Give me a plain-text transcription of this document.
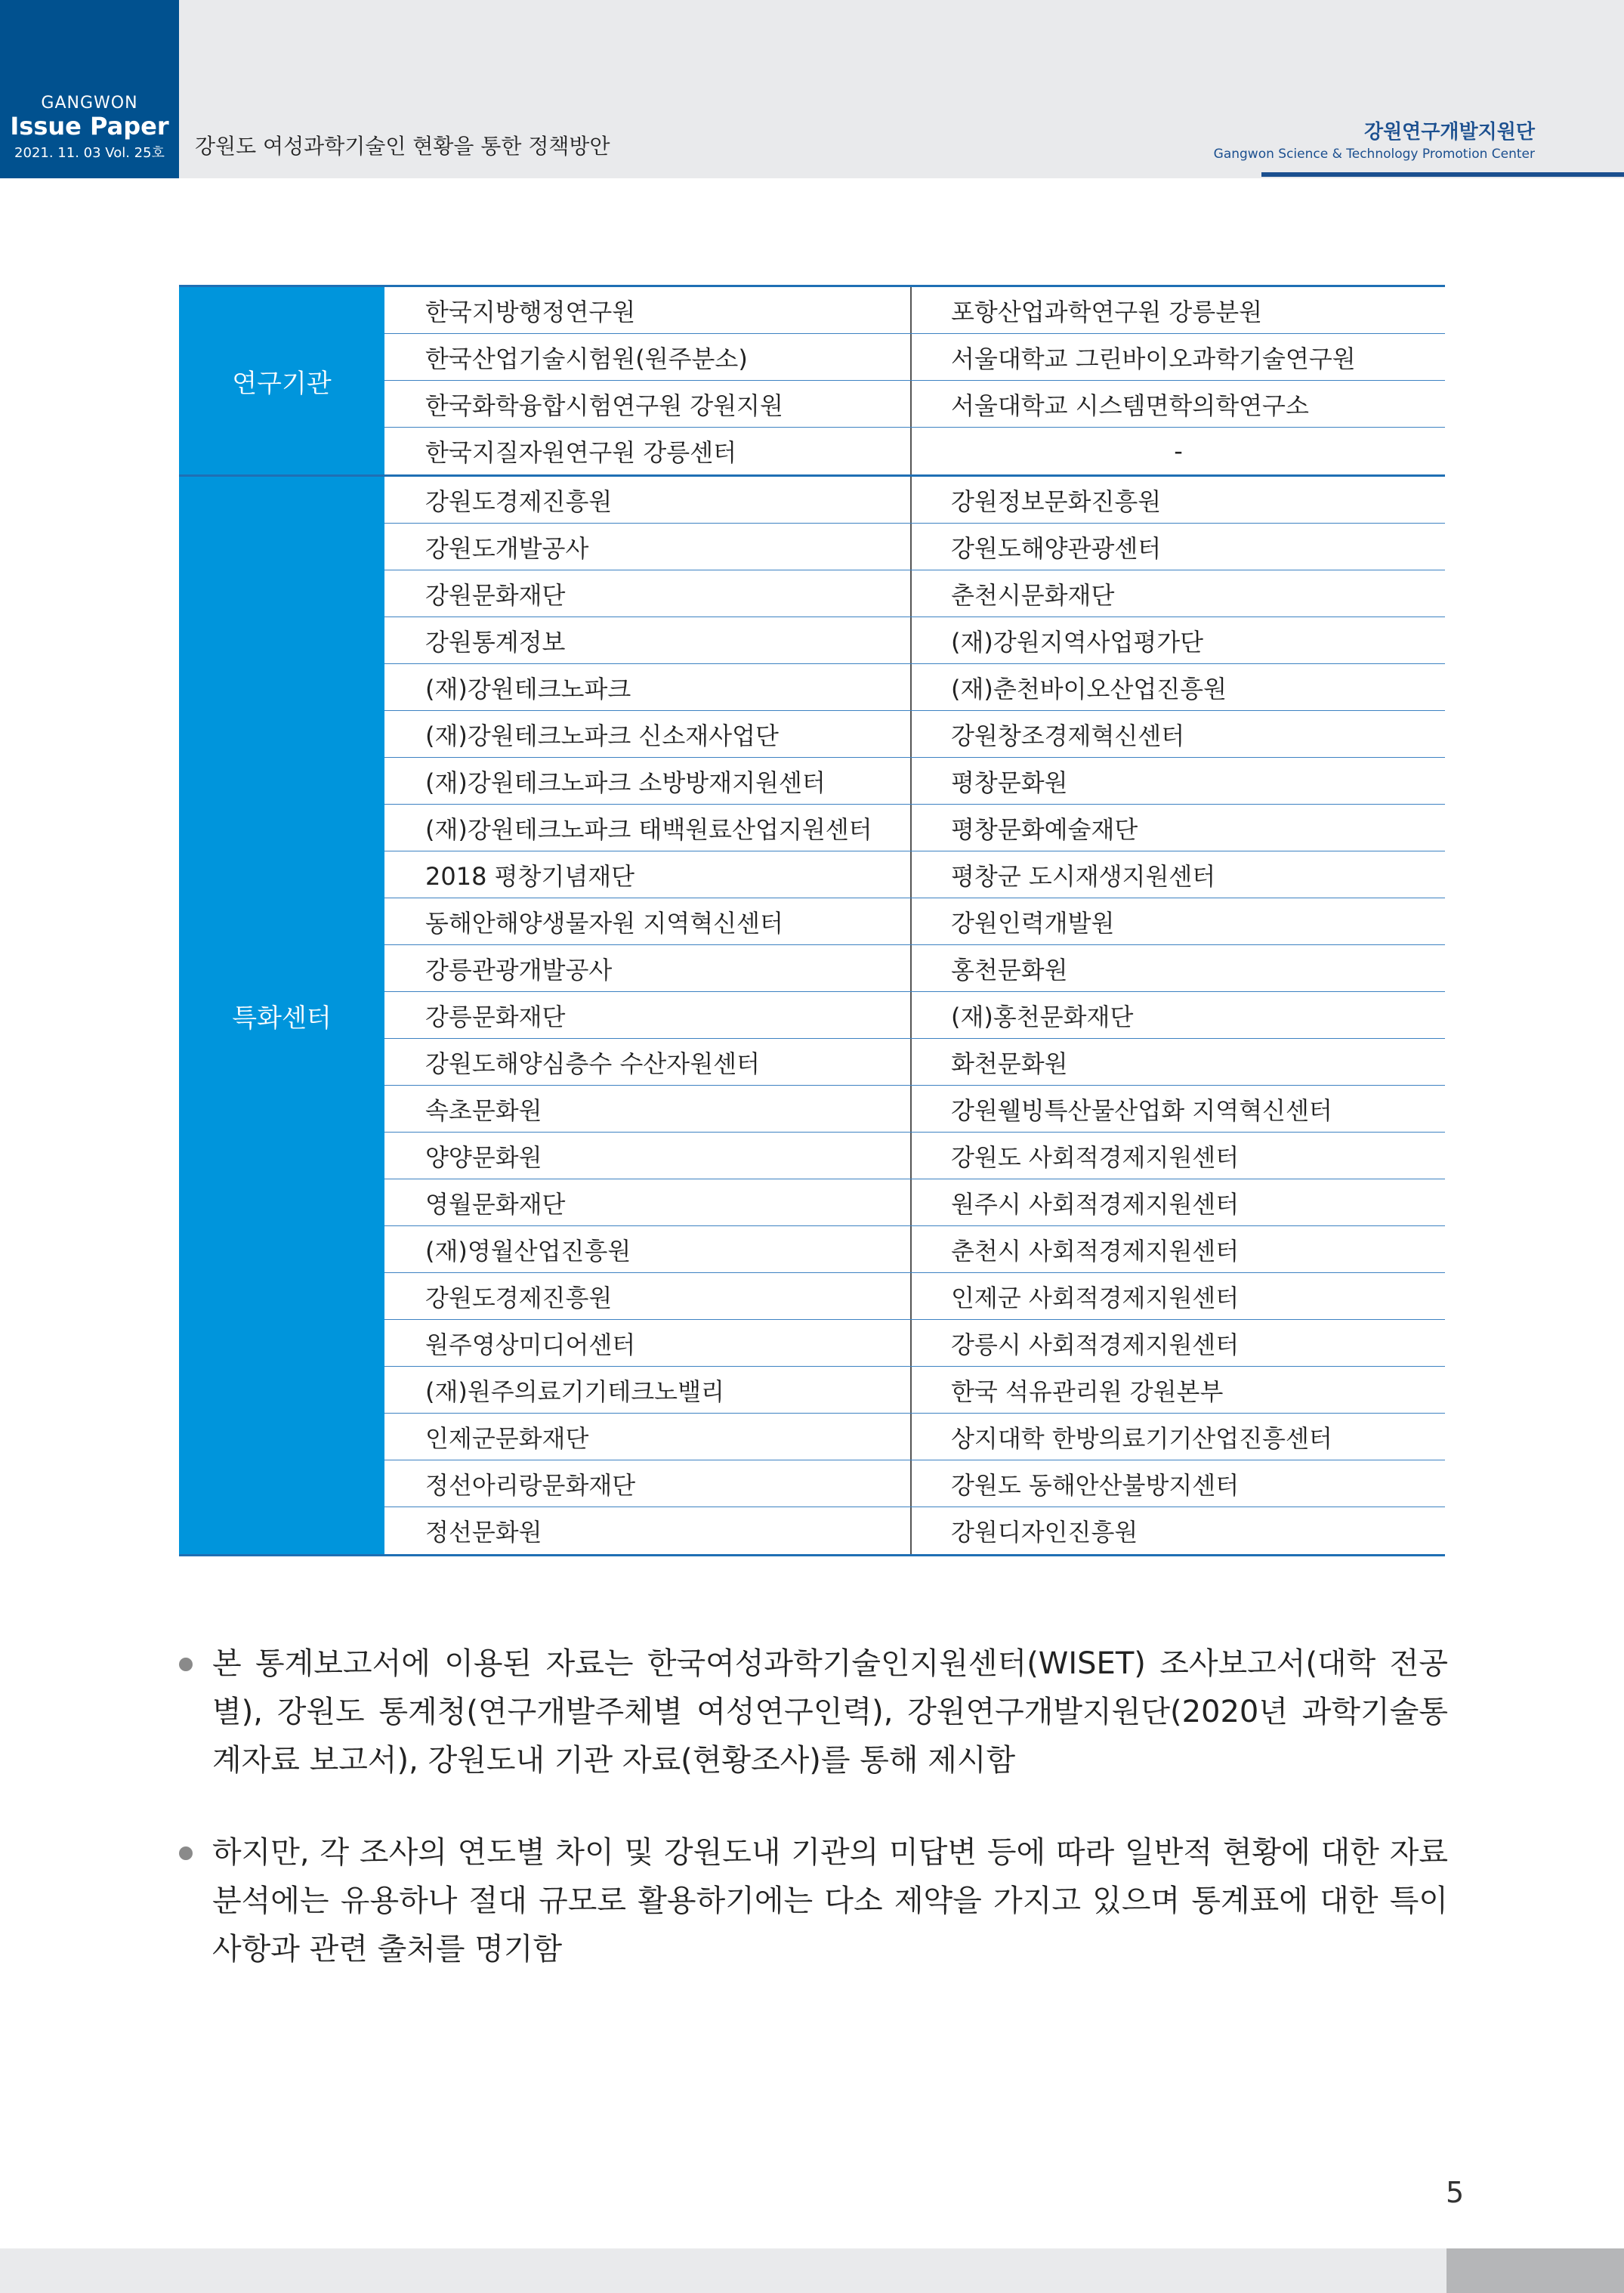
GANGWON
Issue Paper
2021. 11. 03 Vol. 25호	강원도 여성과학기술인 현황을 통한 정책방안
강원연구개발지원단
Gangwon Science & Technology Promotion Center
연구기관
한국지방행정연구원	포항산업과학연구원 강릉분원
한국산업기술시험원(원주분소)	서울대학교 그린바이오과학기술연구원
한국화학융합시험연구원 강원지원	서울대학교 시스템면학의학연구소
한국지질자원연구원 강릉센터	-
특화센터
강원도경제진흥원	강원정보문화진흥원
강원도개발공사	강원도해양관광센터
강원문화재단	춘천시문화재단
강원통계정보	(재)강원지역사업평가단
(재)강원테크노파크	(재)춘천바이오산업진흥원
(재)강원테크노파크 신소재사업단	강원창조경제혁신센터
(재)강원테크노파크 소방방재지원센터	평창문화원
(재)강원테크노파크 태백원료산업지원센터	평창문화예술재단
2018 평창기념재단	평창군 도시재생지원센터
동해안해양생물자원 지역혁신센터	강원인력개발원
강릉관광개발공사	홍천문화원
강릉문화재단	(재)홍천문화재단
강원도해양심층수 수산자원센터	화천문화원
속초문화원	강원웰빙특산물산업화 지역혁신센터
양양문화원	강원도 사회적경제지원센터
영월문화재단	원주시 사회적경제지원센터
(재)영월산업진흥원	춘천시 사회적경제지원센터
강원도경제진흥원	인제군 사회적경제지원센터
원주영상미디어센터	강릉시 사회적경제지원센터
(재)원주의료기기테크노밸리	한국 석유관리원 강원본부
인제군문화재단	상지대학 한방의료기기산업진흥센터
정선아리랑문화재단	강원도 동해안산불방지센터
정선문화원	강원디자인진흥원
본 통계보고서에 이용된 자료는 한국여성과학기술인지원센터(WISET) 조사보고서(대학 전공별), 강원도 통계청(연구개발주체별 여성연구인력), 강원연구개발지원단(2020년 과학기술통계자료 보고서), 강원도내 기관 자료(현황조사)를 통해 제시함
하지만, 각 조사의 연도별 차이 및 강원도내 기관의 미답변 등에 따라 일반적 현황에 대한 자료 분석에는 유용하나 절대 규모로 활용하기에는 다소 제약을 가지고 있으며 통계표에 대한 특이사항과 관련 출처를 명기함
5
